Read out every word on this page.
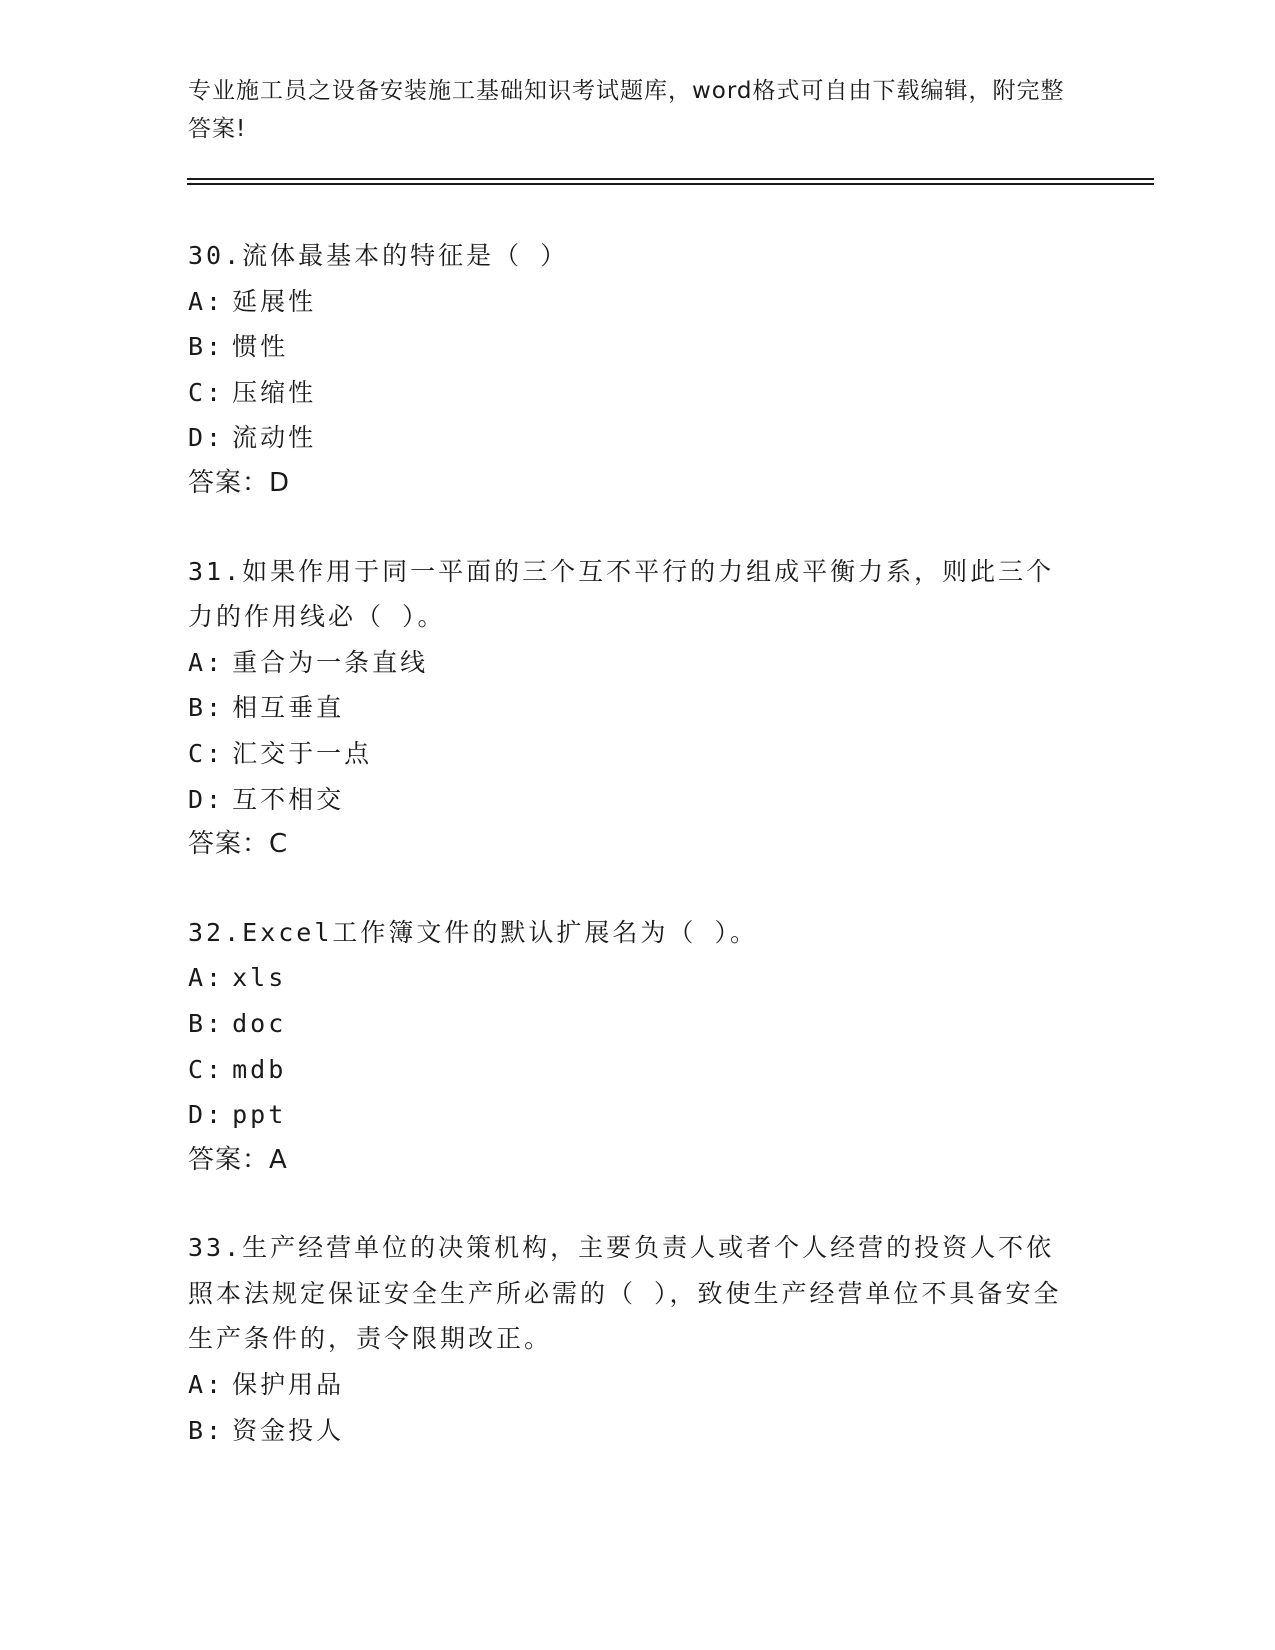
专业施工员之设备安装施工基础知识考试题库，word格式可自由下载编辑，附完整答案!
30.流体最基本的特征是（ ）
A: 延展性
B: 惯性
C: 压缩性
D: 流动性
答案：D
31.如果作用于同一平面的三个互不平行的力组成平衡力系，则此三个力的作用线必（ ）。
A: 重合为一条直线
B: 相互垂直
C: 汇交于一点
D: 互不相交
答案：C
32.Excel工作簿文件的默认扩展名为（ ）。
A: xls
B: doc
C: mdb
D: ppt
答案：A
33.生产经营单位的决策机构，主要负责人或者个人经营的投资人不依照本法规定保证安全生产所必需的（ ），致使生产经营单位不具备安全生产条件的，责令限期改正。
A: 保护用品
B: 资金投人
